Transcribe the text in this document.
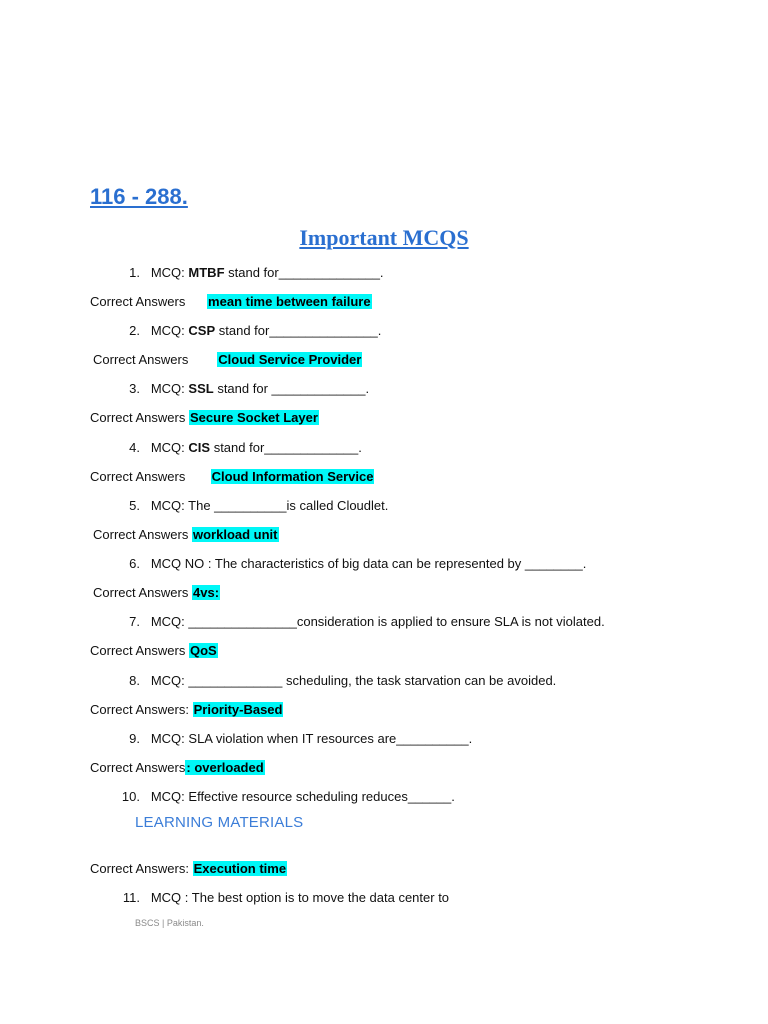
116 - 288.
Important MCQS
1. MCQ: MTBF stand for______________.
Correct Answers mean time between failure
2. MCQ: CSP stand for_______________.
Correct Answers Cloud Service Provider
3. MCQ: SSL stand for _____________.
Correct Answers Secure Socket Layer
4. MCQ: CIS stand for_____________.
Correct Answers Cloud Information Service
5. MCQ: The __________is called Cloudlet.
Correct Answers workload unit
6. MCQ NO : The characteristics of big data can be represented by ________.
Correct Answers 4vs:
7. MCQ: _______________consideration is applied to ensure SLA is not violated.
Correct Answers QoS
8. MCQ: _____________ scheduling, the task starvation can be avoided.
Correct Answers: Priority-Based
9. MCQ: SLA violation when IT resources are__________.
Correct Answers: overloaded
10. MCQ: Effective resource scheduling reduces______.
LEARNING MATERIALS
Correct Answers: Execution time
11. MCQ : The best option is to move the data center to
BSCS | Pakistan.
